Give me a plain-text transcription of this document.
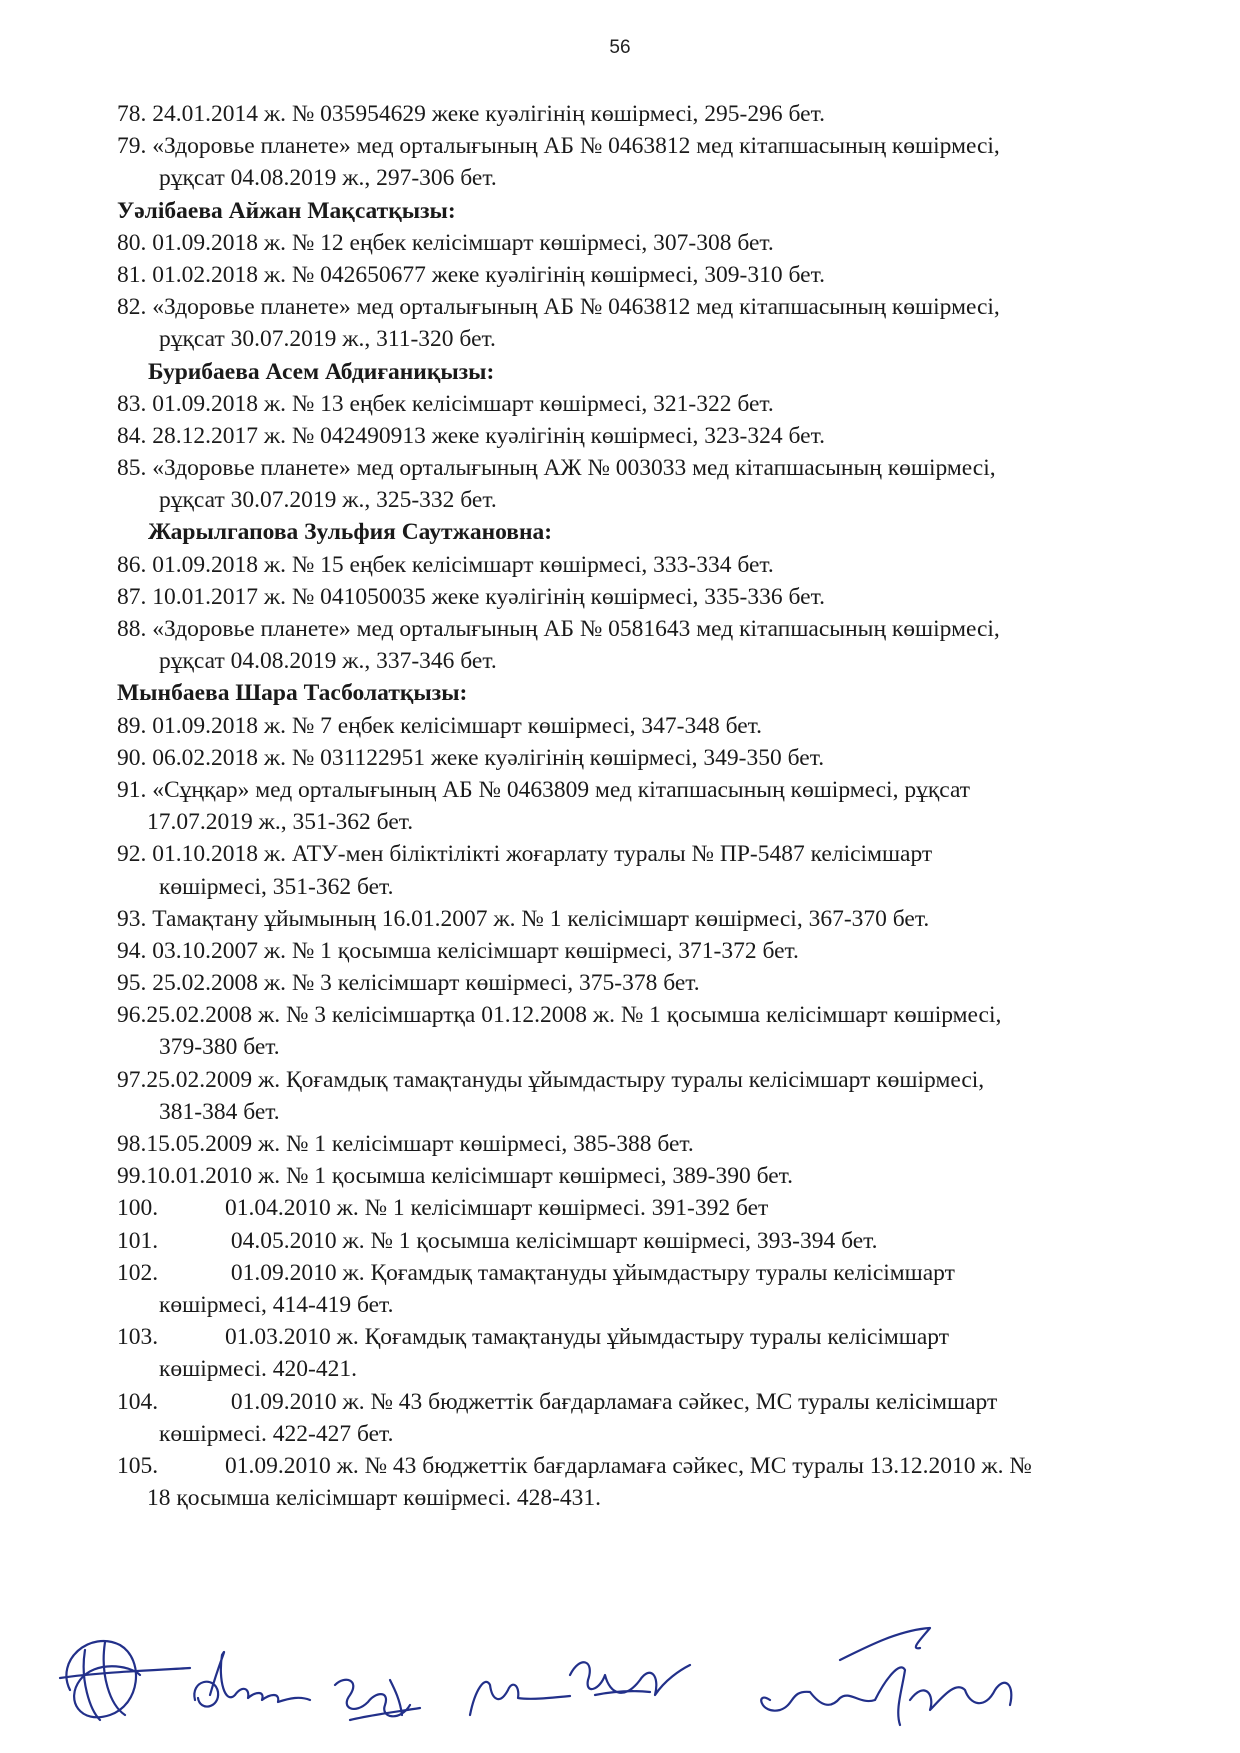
56
78. 24.01.2014 ж. № 035954629 жеке куәлігінің көшірмесі, 295-296 бет.
79. «Здоровье планете» мед орталығының АБ № 0463812 мед кітапшасының көшірмесі,
рұқсат 04.08.2019 ж., 297-306 бет.
Уәлібаева Айжан Мақсатқызы:
80. 01.09.2018 ж. № 12 еңбек келісімшарт көшірмесі, 307-308 бет.
81. 01.02.2018 ж. № 042650677 жеке куәлігінің көшірмесі, 309-310 бет.
82. «Здоровье планете» мед орталығының АБ № 0463812 мед кітапшасының көшірмесі,
рұқсат 30.07.2019 ж., 311-320 бет.
Бурибаева Асем Абдиғаниқызы:
83. 01.09.2018 ж. № 13 еңбек келісімшарт көшірмесі, 321-322 бет.
84. 28.12.2017 ж. № 042490913 жеке куәлігінің көшірмесі, 323-324 бет.
85. «Здоровье планете» мед орталығының АЖ № 003033 мед кітапшасының көшірмесі,
рұқсат 30.07.2019 ж., 325-332 бет.
Жарылгапова Зульфия Саутжановна:
86. 01.09.2018 ж. № 15 еңбек келісімшарт көшірмесі, 333-334 бет.
87. 10.01.2017 ж. № 041050035 жеке куәлігінің көшірмесі, 335-336 бет.
88. «Здоровье планете» мед орталығының АБ № 0581643 мед кітапшасының көшірмесі,
рұқсат 04.08.2019 ж., 337-346 бет.
Мынбаева Шара Тасболатқызы:
89. 01.09.2018 ж. № 7 еңбек келісімшарт көшірмесі, 347-348 бет.
90. 06.02.2018 ж. № 031122951 жеке куәлігінің көшірмесі, 349-350 бет.
91. «Сұңқар» мед орталығының АБ № 0463809 мед кітапшасының көшірмесі, рұқсат
17.07.2019 ж., 351-362 бет.
92. 01.10.2018 ж. АТУ-мен біліктілікті жоғарлату туралы № ПР-5487 келісімшарт
көшірмесі, 351-362 бет.
93. Тамақтану ұйымының 16.01.2007 ж. № 1 келісімшарт көшірмесі, 367-370 бет.
94. 03.10.2007 ж. № 1 қосымша келісімшарт көшірмесі, 371-372 бет.
95. 25.02.2008 ж. № 3 келісімшарт көшірмесі, 375-378 бет.
96.25.02.2008 ж. № 3 келісімшартқа 01.12.2008 ж. № 1 қосымша келісімшарт көшірмесі,
379-380 бет.
97.25.02.2009 ж. Қоғамдық тамақтануды ұйымдастыру туралы келісімшарт көшірмесі,
381-384 бет.
98.15.05.2009 ж. № 1 келісімшарт көшірмесі, 385-388 бет.
99.10.01.2010 ж. № 1 қосымша келісімшарт көшірмесі, 389-390 бет.
100.	01.04.2010 ж. № 1 келісімшарт көшірмесі. 391-392 бет
101.	04.05.2010 ж. № 1 қосымша келісімшарт көшірмесі, 393-394 бет.
102.	01.09.2010 ж. Қоғамдық тамақтануды ұйымдастыру туралы келісімшарт
көшірмесі, 414-419 бет.
103.	01.03.2010 ж. Қоғамдық тамақтануды ұйымдастыру туралы келісімшарт
көшірмесі. 420-421.
104.	01.09.2010 ж. № 43 бюджеттік бағдарламаға сәйкес, МС туралы келісімшарт
көшірмесі. 422-427 бет.
105.	01.09.2010 ж. № 43 бюджеттік бағдарламаға сәйкес, МС туралы 13.12.2010 ж. №
18 қосымша келісімшарт көшірмесі. 428-431.
